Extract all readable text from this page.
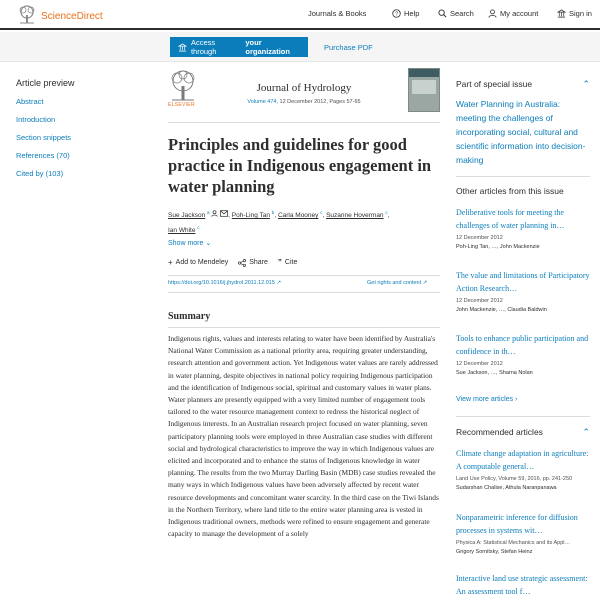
ScienceDirect	Journals & Books	? Help	Search	My account	Sign in
Access through
your organization	Purchase PDF
Article preview
Abstract
Introduction
Section snippets
References (70)
Cited by (103)
ELSEVIER
Journal of Hydrology
Volume 474, 12 December 2012, Pages 57-65
Principles and guidelines for good practice in Indigenous engagement in water planning
Sue Jackson $^a$	, Poh-Ling Tan $^b$, Carla Mooney $^c$, Suzanne Hoverman $^c$,
Ian White $^c$
Show more ⌄
+ Add to Mendeley	Share ” Cite
https://doi.org/10.1016/j.jhydrol.2011.12.015 ↗	Get rights and content ↗
Summary

Indigenous rights, values and interests relating to water have been identified by Australia's National Water Commission as a national priority area, requiring greater understanding, research attention and government action. Yet Indigenous water values are rarely addressed in water planning, despite objectives in national policy requiring Indigenous participation and the identification of Indigenous social, spiritual and customary values in water plans. Water planners are presently equipped with a very limited number of engagement tools tailored to the water resource management context to redress the historical neglect of Indigenous interests. In an Australian research project focused on water planning, seven participatory planning tools were employed in three Australian case studies with different social and hydrological characteristics to improve the way in which Indigenous values are elicited and incorporated and to enhance the status of Indigenous knowledge in water planning. The results from the two Murray Darling Basin (MDB) case studies revealed the many ways in which Indigenous values have been adversely affected by recent water resource developments and concomitant water scarcity. In the third case on the Tiwi Islands in the Northern Territory, where land title to the entire water planning area is vested in Indigenous traditional owners, methods were refined to ensure engagement and generate capacity to manage the development of a solely

Part of special issue	⌃
Water Planning in Australia: meeting the challenges of incorporating social, cultural and scientific information into decision-making
Other articles from this issue
Deliberative tools for meeting the challenges of water planning in…
12 December 2012
Poh-Ling Tan, …, John Mackenzie
The value and limitations of Participatory Action Research…
12 December 2012
John Mackenzie, …, Claudia Baldwin
Tools to enhance public participation and confidence in th…
12 December 2012
Sue Jackson, …, Sharna Nolan
View more articles ›
Recommended articles	⌃
Climate change adaptation in agriculture: A computable general…
Land Use Policy, Volume 59, 2016, pp. 241-250
Sudarshan Chalise, Athula Naranpanawa
Nonparametric inference for diffusion processes in systems wit…
Physica A: Statistical Mechanics and its Appl…
Grigory Sornitsky, Stefan Heinz
Interactive land use strategic assessment: An assessment tool f…
